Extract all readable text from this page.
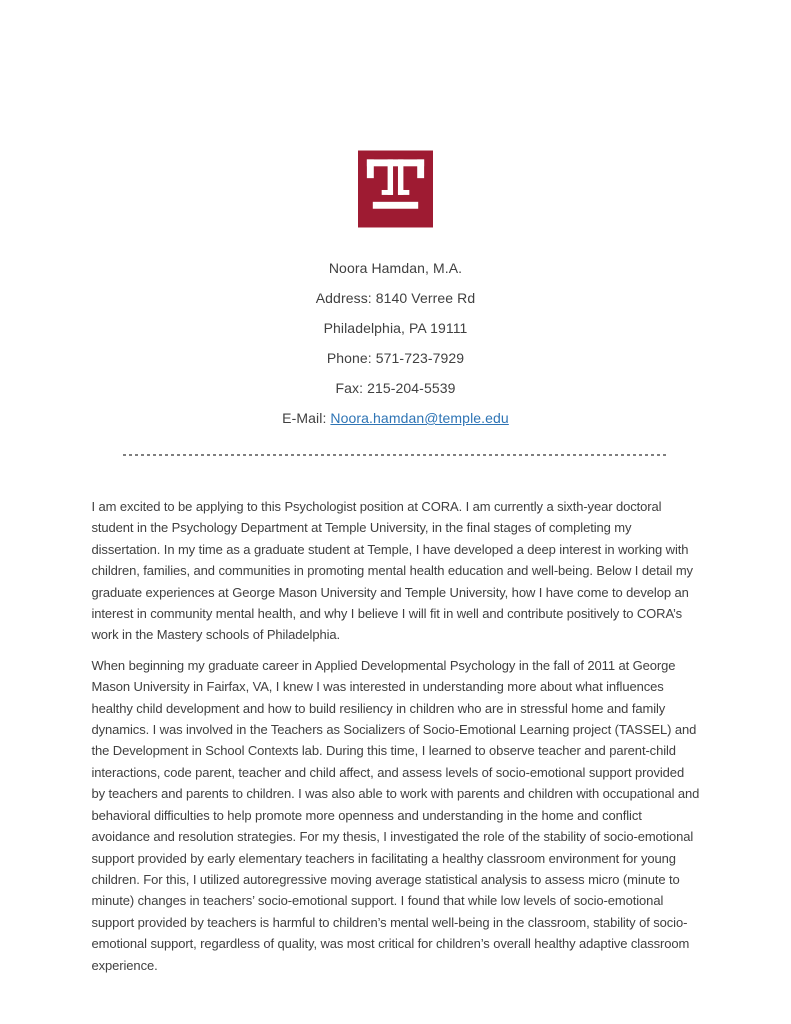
Noora Hamdan, M.A.

Address: 8140 Verree Rd

Philadelphia, PA 19111

Phone: 571-723-7929

Fax: 215-204-5539

E-Mail: Noora.hamdan@temple.edu

I am excited to be applying to this Psychologist position at CORA. I am currently a sixth-year doctoral student in the Psychology Department at Temple University, in the final stages of completing my dissertation. In my time as a graduate student at Temple, I have developed a deep interest in working with children, families, and communities in promoting mental health education and well-being. Below I detail my graduate experiences at George Mason University and Temple University, how I have come to develop an interest in community mental health, and why I believe I will fit in well and contribute positively to CORA’s work in the Mastery schools of Philadelphia.

When beginning my graduate career in Applied Developmental Psychology in the fall of 2011 at George Mason University in Fairfax, VA, I knew I was interested in understanding more about what influences healthy child development and how to build resiliency in children who are in stressful home and family dynamics. I was involved in the Teachers as Socializers of Socio-Emotional Learning project (TASSEL) and the Development in School Contexts lab. During this time, I learned to observe teacher and parent-child interactions, code parent, teacher and child affect, and assess levels of socio-emotional support provided by teachers and parents to children. I was also able to work with parents and children with occupational and behavioral difficulties to help promote more openness and understanding in the home and conflict avoidance and resolution strategies. For my thesis, I investigated the role of the stability of socio-emotional support provided by early elementary teachers in facilitating a healthy classroom environment for young children. For this, I utilized autoregressive moving average statistical analysis to assess micro (minute to minute) changes in teachers’ socio-emotional support. I found that while low levels of socio-emotional support provided by teachers is harmful to children’s mental well-being in the classroom, stability of socio-emotional support, regardless of quality, was most critical for children’s overall healthy adaptive classroom experience.
